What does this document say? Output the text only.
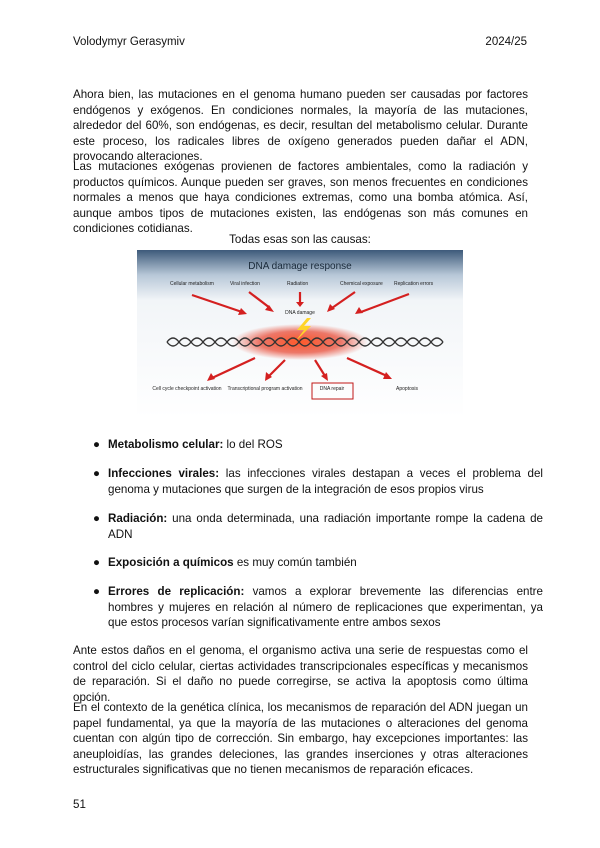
Volodymyr Gerasymiv	2024/25

Ahora bien, las mutaciones en el genoma humano pueden ser causadas por factores endógenos y exógenos. En condiciones normales, la mayoría de las mutaciones, alrededor del 60%, son endógenas, es decir, resultan del metabolismo celular. Durante este proceso, los radicales libres de oxígeno generados pueden dañar el ADN, provocando alteraciones.

Las mutaciones exógenas provienen de factores ambientales, como la radiación y productos químicos. Aunque pueden ser graves, son menos frecuentes en condiciones normales a menos que haya condiciones extremas, como una bomba atómica. Así, aunque ambos tipos de mutaciones existen, las endógenas son más comunes en condiciones cotidianas.

Todas esas son las causas:
DNA damage response
Cellular metabolism	Viral infection	Radiation	Chemical exposure Replication errors
DNA damage
Cell cycle checkpoint activation Transcriptional program activation	DNA repair	Apoptosis
● Metabolismo celular: lo del ROS
● Infecciones virales: las infecciones virales destapan a veces el problema del genoma y mutaciones que surgen de la integración de esos propios virus
● Radiación: una onda determinada, una radiación importante rompe la cadena de ADN
● Exposición a químicos es muy común también
● Errores de replicación: vamos a explorar brevemente las diferencias entre hombres y mujeres en relación al número de replicaciones que experimentan, ya que estos procesos varían significativamente entre ambos sexos

Ante estos daños en el genoma, el organismo activa una serie de respuestas como el control del ciclo celular, ciertas actividades transcripcionales específicas y mecanismos de reparación. Si el daño no puede corregirse, se activa la apoptosis como última opción.

En el contexto de la genética clínica, los mecanismos de reparación del ADN juegan un papel fundamental, ya que la mayoría de las mutaciones o alteraciones del genoma cuentan con algún tipo de corrección. Sin embargo, hay excepciones importantes: las aneuploidías, las grandes deleciones, las grandes inserciones y otras alteraciones estructurales significativas que no tienen mecanismos de reparación eficaces.

51
